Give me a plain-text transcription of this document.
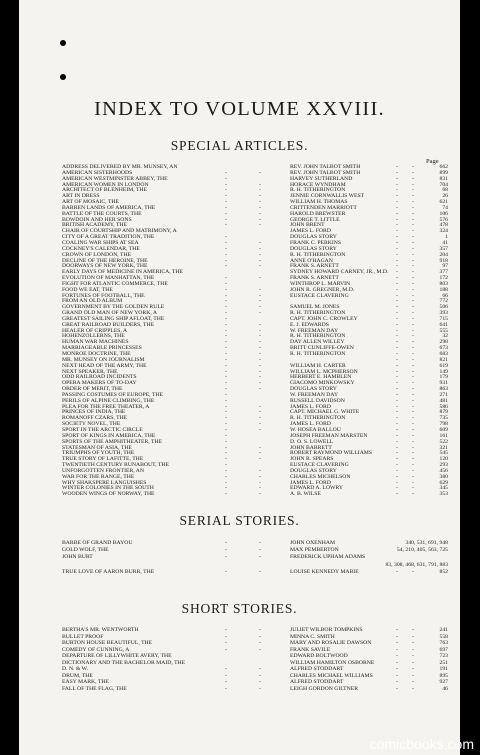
INDEX TO VOLUME XXVIII.
SPECIAL ARTICLES.
Page
ADDRESS DELIVERED BY MR. MUNSEY, AN	REV. JOHN TALBOT SMITH	- -	662
AMERICAN SISTERHOODS	-	-	REV. JOHN TALBOT SMITH	- -	899
AMERICAN WESTMINSTER ABBEY, THE	-	HARVEY SUTHERLAND	- -	831
AMERICAN WOMEN IN LONDON	-	-	HORACE WYNDHAM	- -	704
ARCHITECT OF BLENHEIM, THE	-	-	R. H. TITHERINGTON	- -	68
ART IN DRESS	-	-	JENNIE CORNWALLIS WEST	- -	26
ART OF MOSAIC, THE	-	-	WILLIAM H. THOMAS	- -	621
BARREN LANDS OF AMERICA, THE	-	-	CRITTENDEN MARRIOTT	- -	74
BATTLE OF THE COURTS, THE	-	-	HAROLD BREWSTER	- -	106
BOWDOIN AND HER SONS	-	-	GEORGE T. LITTLE	- -	576
BRITISH ACADEMY, THE	-	-	JOHN BRENT	- -	478
CHAIR OF COURTSHIP AND MATRIMONY, A	JAMES L. FORD	- -	324
CITY OF A GREAT TRADITION, THE	-	DOUGLAS STORY	- -	1
COALING WAR SHIPS AT SEA	-	-	FRANK C. PERKINS	- -	41
COCKNEY'S CALENDAR, THE	-	-	DOUGLAS STORY	- -	357
CROWN OF LONDON, THE	-	-	R. H. TITHERINGTON	- -	204
DECLINE OF THE HEROINE, THE	-	-	ANNE O'HAGAN	- -	918
DOORWAYS OF NEW YORK, THE	-	-	FRANK S. ARNETT	- -	97
EARLY DAYS OF MEDICINE IN AMERICA, THE	SYDNEY HOWARD CARNEY, JR., M.D. - -	377
EVOLUTION OF MANHATTAN, THE	-	-	FRANK S. ARNETT	- -	172
FIGHT FOR ATLANTIC COMMERCE, THE	-	WINTHROP L. MARVIN	- -	803
FOOD WE EAT, THE	-	-	JOHN R. GREGNER, M.D.	- -	188
FORTUNES OF FOOTBALL, THE	-	-	EUSTACE CLAVERING	- -	66
FROM AN OLD ALBUM	-	-	- -	772
GOVERNMENT BY THE GOLDEN RULE	-	-	SAMUEL M. JONES	- -	506
GRAND OLD MAN OF NEW YORK, A	-	-	R. H. TITHERINGTON	- -	393
GREATEST SAILING SHIP AFLOAT, THE	-	CAPT. JOHN C. CROWLEY	- -	715
GREAT RAILROAD BUILDERS, THE	-	-	E. J. EDWARDS	- -	641
HEALER OF CRIPPLES, A	-	-	W. FREEMAN DAY	- -	555
HOHENZOLLERNS, THE	-	-	R. H. TITHERINGTON	- -	32
HUMAN WAR MACHINES	-	-	DAY ALLEN WILLEY	- -	298
MARRIAGEABLE PRINCESSES	-	-	BRITT CUNLIFFE-OWEN	- -	673
MONROE DOCTRINE, THE	-	-	R. H. TITHERINGTON	- -	683
MR. MUNSEY ON JOURNALISM	-	-	- -	821
NEXT HEAD OF THE ARMY, THE	-	-	WILLIAM H. CARTER	- -	619
NEXT SPEAKER, THE	-	-	WILLIAM L. MCPHERSON	- -	149
ODD RAILROAD INCIDENTS	-	-	HERBERT E. HAMBLEN	- -	179
OPERA MAKERS OF TO-DAY	-	-	GIACOMO MINKOWSKY	- -	931
ORDER OF MERIT, THE	-	-	DOUGLAS STORY	- -	863
PASSING COSTUMES OF EUROPE, THE	-	W. FREEMAN DAY	- -	271
PERILS OF ALPINE CLIMBING, THE	-	RUSSELL DAVIDSON	- -	481
PLEA FOR THE FREE THEATER, A	-	-	JAMES L. FORD	- -	586
PRINCES OF INDIA, THE	-	-	CAPT. MICHAEL G. WHITE	- -	879
ROMANOFF CZARS, THE	-	-	R. H. TITHERINGTON	- -	735
SOCIETY NOVEL, THE	-	-	JAMES L. FORD	- -	798
SPORT IN THE ARCTIC CIRCLE	-	-	W. HOSEA BALLOU	- -	609
SPORT OF KINGS IN AMERICA, THE	-	JOSEPH FREEMAN MARSTEN	- -	161
SPORTS OF THE AMPHITHEATER, THE	-	D. O. S. LOWELL	- -	522
STATESMAN OF ASIA, THE	-	-	JOHN BARRETT	- -	321
TRIUMPHS OF YOUTH, THE	-	-	ROBERT RAYMOND WILLIAMS	- -	545
TRUE STORY OF LAFITTE, THE	-	-	JOHN R. SPEARS	- -	120
TWENTIETH CENTURY RUNABOUT, THE	-	EUSTACE CLAVERING	- -	293
UNFORGOTTEN FRONTIER, AN	-	-	DOUGLAS STORY	- -	456
WAR FOR THE RANGE, THE	-	-	CHARLES MICHELSON	- -	380
WHY SHAKSPERE LANGUISHES	-	-	JAMES L. FORD	- -	629
WINTER COLONIES IN THE SOUTH	-	-	EDWARD A. LOWRY	- -	345
WOODEN WINGS OF NORWAY, THE	-	-	A. B. WILSE	- -	353
SERIAL STORIES.
BARBE OF GRAND BAYOU	-	-	JOHN OXENHAM	340, 531, 691, 948
GOLD WOLF, THE	-	-	MAX PEMBERTON	54, 210, 405, 563, 725
JOHN BURT	-	-	FREDERICK UPHAM ADAMS
83, 308, 468, 631, 791, 883
TRUE LOVE OF AARON BURR, THE	-	-	LOUISE KENNEDY MABIE	- -	852
SHORT STORIES.
BERTHA'S MR. WENTWORTH	-	-	JULIET WILBOR TOMPKINS	- -	241
BULLET PROOF	-	-	MINNA C. SMITH	- -	558
BURTON HOUSE BEAUTIFUL, THE	-	-	MARY AND ROSALIE DAWSON	- -	763
COMEDY OF CUNNING, A	-	-	FRANK SAVILE	- -	697
DEPARTURE OF LILLYWHITE AVERY, THE	EDWARD BOLTWOOD	- -	723
DICTIONARY AND THE BACHELOR MAID, THE	WILLIAM HAMILTON OSBORNE	- -	251
D. N. & W.	-	-	ALFRED STODDART	- -	191
DRUM, THE	-	-	CHARLES MICHAEL WILLIAMS	- -	895
EASY MARK, THE	-	-	ALFRED STODDART	- -	927
FALL OF THE FLAG, THE	-	-	LEIGH GORDON GILTNER	- -	46
comicbooks.com
